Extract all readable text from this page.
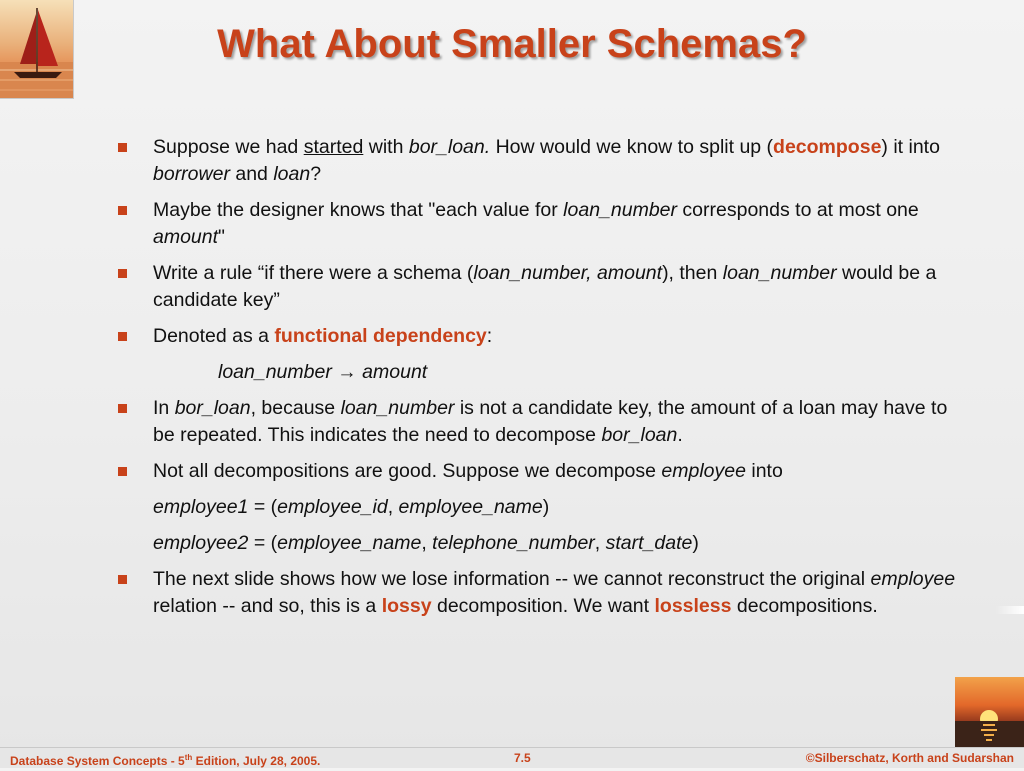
What About Smaller Schemas?
Suppose we had started with bor_loan. How would we know to split up (decompose) it into borrower and loan?
Maybe the designer knows that "each value for loan_number corresponds to at most one amount"
Write a rule “if there were a schema (loan_number, amount), then loan_number would be a candidate key”
Denoted as a functional dependency:
loan_number → amount
In bor_loan, because loan_number is not a candidate key, the amount of a loan may have to be repeated. This indicates the need to decompose bor_loan.
Not all decompositions are good. Suppose we decompose employee into
employee1 = (employee_id, employee_name)
employee2 = (employee_name, telephone_number, start_date)
The next slide shows how we lose information -- we cannot reconstruct the original employee relation -- and so, this is a lossy decomposition. We want lossless decompositions.
Database System Concepts - 5th Edition, July 28, 2005.	7.5	©Silberschatz, Korth and Sudarshan
